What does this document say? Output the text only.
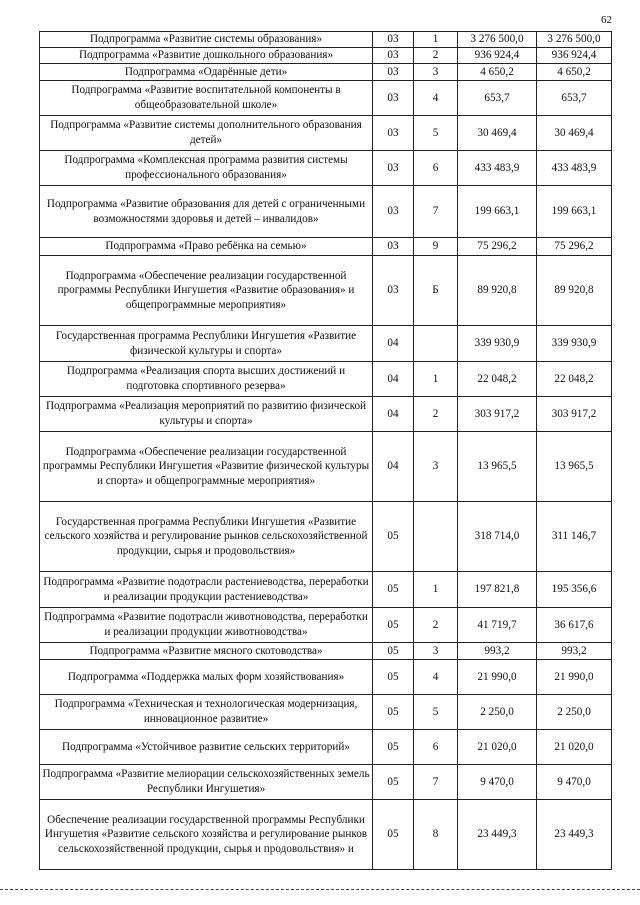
62
Подпрограмма «Развитие системы образования»	03	1	3 276 500,0	3 276 500,0
Подпрограмма «Развитие дошкольного образования»	03	2	936 924,4	936 924,4
Подпрограмма «Одарённые дети»	03	3	4 650,2	4 650,2
Подпрограмма «Развитие воспитательной компоненты в общеобразовательной школе»	03	4	653,7	653,7
Подпрограмма «Развитие системы дополнительного образования детей»	03	5	30 469,4	30 469,4
Подпрограмма «Комплексная программа развития системы профессионального образования»	03	6	433 483,9	433 483,9
Подпрограмма «Развитие образования для детей с ограниченными возможностями здоровья и детей – инвалидов»	03	7	199 663,1	199 663,1
Подпрограмма «Право ребёнка на семью»	03	9	75 296,2	75 296,2
Подпрограмма «Обеспечение реализации государственной программы Республики Ингушетия «Развитие образования» и общепрограммные мероприятия»	03	Б	89 920,8	89 920,8
Государственная программа Республики Ингушетия «Развитие физической культуры и спорта»	04		339 930,9	339 930,9
Подпрограмма «Реализация спорта высших достижений и подготовка спортивного резерва»	04	1	22 048,2	22 048,2
Подпрограмма «Реализация мероприятий по развитию физической культуры и спорта»	04	2	303 917,2	303 917,2
Подпрограмма «Обеспечение реализации государственной программы Республики Ингушетия «Развитие физической культуры и спорта» и общепрограммные мероприятия»	04	3	13 965,5	13 965,5
Государственная программа Республики Ингушетия «Развитие сельского хозяйства и регулирование рынков сельскохозяйственной продукции, сырья и продовольствия»	05		318 714,0	311 146,7
Подпрограмма «Развитие подотрасли растениеводства, переработки и реализации продукции растениеводства»	05	1	197 821,8	195 356,6
Подпрограмма «Развитие подотрасли животноводства, переработки и реализации продукции животноводства»	05	2	41 719,7	36 617,6
Подпрограмма «Развитие мясного скотоводства»	05	3	993,2	993,2
Подпрограмма «Поддержка малых форм хозяйствования»	05	4	21 990,0	21 990,0
Подпрограмма «Техническая и технологическая модернизация, инновационное развитие»	05	5	2 250,0	2 250,0
Подпрограмма «Устойчивое развитие сельских территорий»	05	6	21 020,0	21 020,0
Подпрограмма «Развитие мелиорации сельскохозяйственных земель Республики Ингушетия»	05	7	9 470,0	9 470,0
Обеспечение реализации государственной программы Республики Ингушетия «Развитие сельского хозяйства и регулирование рынков сельскохозяйственной продукции, сырья и продовольствия» и	05	8	23 449,3	23 449,3
